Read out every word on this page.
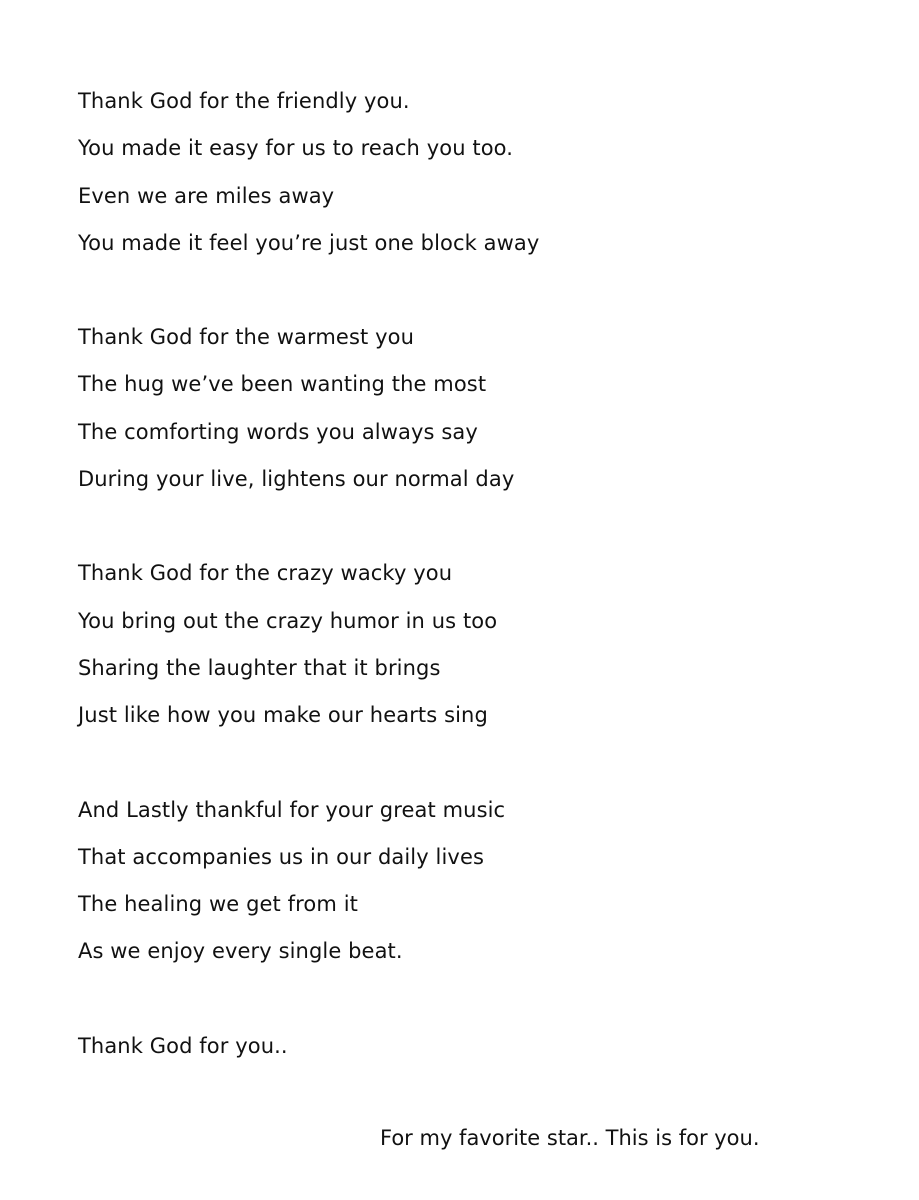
Thank God for the friendly you.
You made it easy for us to reach you too.
Even we are miles away
You made it feel you’re just one block away
Thank God for the warmest you
The hug we’ve been wanting the most
The comforting words you always say
During your live, lightens our normal day
Thank God for the crazy wacky you
You bring out the crazy humor in us too
Sharing the laughter that it brings
Just like how you make our hearts sing
And Lastly thankful for your great music
That accompanies us in our daily lives
The healing we get from it
As we enjoy every single beat.
Thank God for you..
For my favorite star.. This is for you.
